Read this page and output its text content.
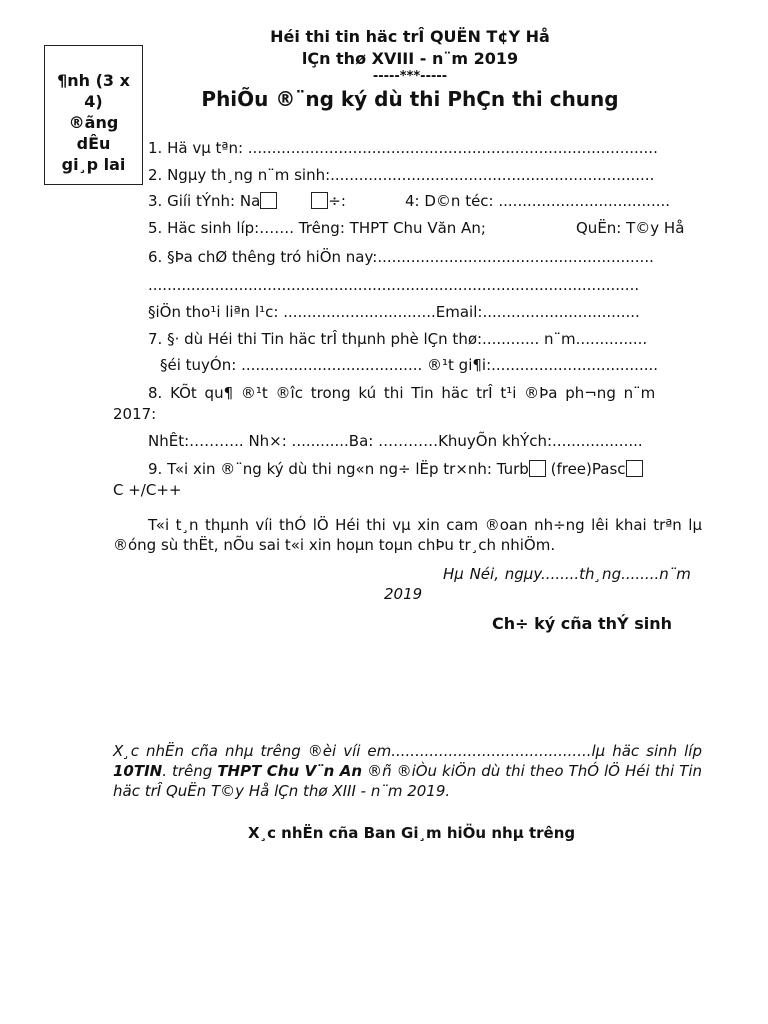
¶nh (3 x
4)
®ãng
dÊu
gi¸p lai
Héi thi tin häc trÎ QUËN T¢Y Hå
lÇn thø XVIII - n¨m 2019
-----***-----
PhiÕu ®¨ng ký dù thi PhÇn thi chung
1. Hä vµ tªn: ......................................................................................
2. Ngµy th¸ng n¨m sinh:....................................................................
3. Giíi tÝnh: Na	÷:	4: D©n téc: ....................................
5. Häc sinh líp:……. Trêng: THPT Chu Văn An;	QuËn: T©y Hå
6. §Þa chØ thêng tró hiÖn nay:..........................................................
.......................................................................................................
§iÖn tho¹i liªn l¹c: ................................Email:.................................
7. §· dù Héi thi Tin häc trÎ thµnh phè lÇn thø:............ n¨m...............
§éi tuyÓn: ...................................... ®¹t gi¶i:...................................
8. KÕt qu¶ ®¹t ®îc trong kú thi Tin häc trÎ t¹i ®Þa ph¬ng n¨m
2017:
NhÊt:……….. Nh×: ............Ba: …………KhuyÕn khÝch:...................
9. T«i xin ®¨ng ký dù thi ng«n ng÷ lËp tr×nh: Turb (free)Pasc
C +/C++
T«i t¸n thµnh víi thÓ lÖ Héi thi vµ xin cam ®oan nh÷ng lêi khai trªn lµ ®óng sù thËt, nÕu sai t«i xin hoµn toµn chÞu tr¸ch nhiÖm.
Hµ Néi, ngµy........th¸ng........n¨m
2019
Ch÷ ký cña thÝ sinh
X¸c nhËn cña nhµ trêng ®èi víi em..........................................lµ häc sinh líp 10TIN. trêng THPT Chu V¨n An ®ñ ®iÒu kiÖn dù thi theo ThÓ lÖ Héi thi Tin häc trÎ QuËn T©y Hå lÇn thø XIII - n¨m 2019.
X¸c nhËn cña Ban Gi¸m hiÖu nhµ trêng
